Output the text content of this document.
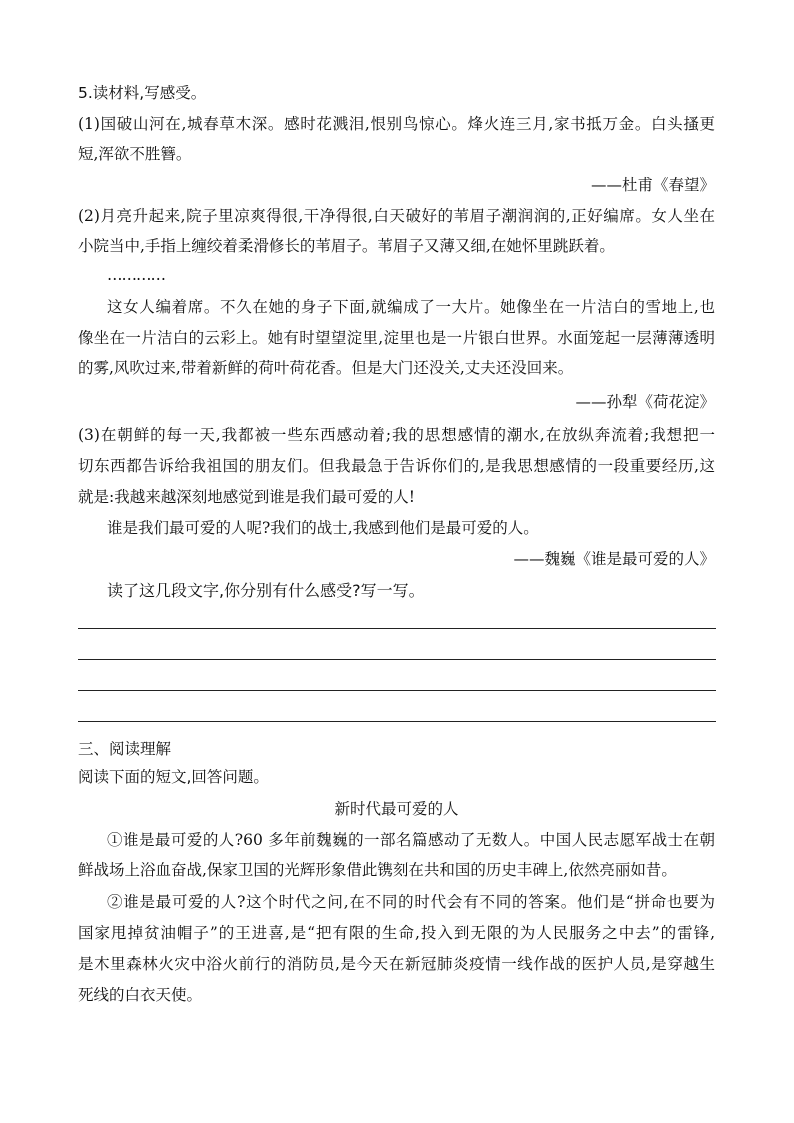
5.读材料,写感受。
(1)国破山河在,城春草木深。感时花溅泪,恨别鸟惊心。烽火连三月,家书抵万金。白头搔更
短,浑欲不胜簪。
——杜甫《春望》
(2)月亮升起来,院子里凉爽得很,干净得很,白天破好的苇眉子潮润润的,正好编席。女人坐在
小院当中,手指上缠绞着柔滑修长的苇眉子。苇眉子又薄又细,在她怀里跳跃着。
…………
这女人编着席。不久在她的身子下面,就编成了一大片。她像坐在一片洁白的雪地上,也
像坐在一片洁白的云彩上。她有时望望淀里,淀里也是一片银白世界。水面笼起一层薄薄透明
的雾,风吹过来,带着新鲜的荷叶荷花香。但是大门还没关,丈夫还没回来。
——孙犁《荷花淀》
(3)在朝鲜的每一天,我都被一些东西感动着;我的思想感情的潮水,在放纵奔流着;我想把一
切东西都告诉给我祖国的朋友们。但我最急于告诉你们的,是我思想感情的一段重要经历,这
就是:我越来越深刻地感觉到谁是我们最可爱的人!
谁是我们最可爱的人呢?我们的战士,我感到他们是最可爱的人。
——魏巍《谁是最可爱的人》
读了这几段文字,你分别有什么感受?写一写。
三、阅读理解
阅读下面的短文,回答问题。
新时代最可爱的人
①谁是最可爱的人?60 多年前魏巍的一部名篇感动了无数人。中国人民志愿军战士在朝
鲜战场上浴血奋战,保家卫国的光辉形象借此镌刻在共和国的历史丰碑上,依然亮丽如昔。
②谁是最可爱的人?这个时代之问,在不同的时代会有不同的答案。他们是“拼命也要为
国家甩掉贫油帽子”的王进喜,是“把有限的生命,投入到无限的为人民服务之中去”的雷锋,
是木里森林火灾中浴火前行的消防员,是今天在新冠肺炎疫情一线作战的医护人员,是穿越生
死线的白衣天使。
